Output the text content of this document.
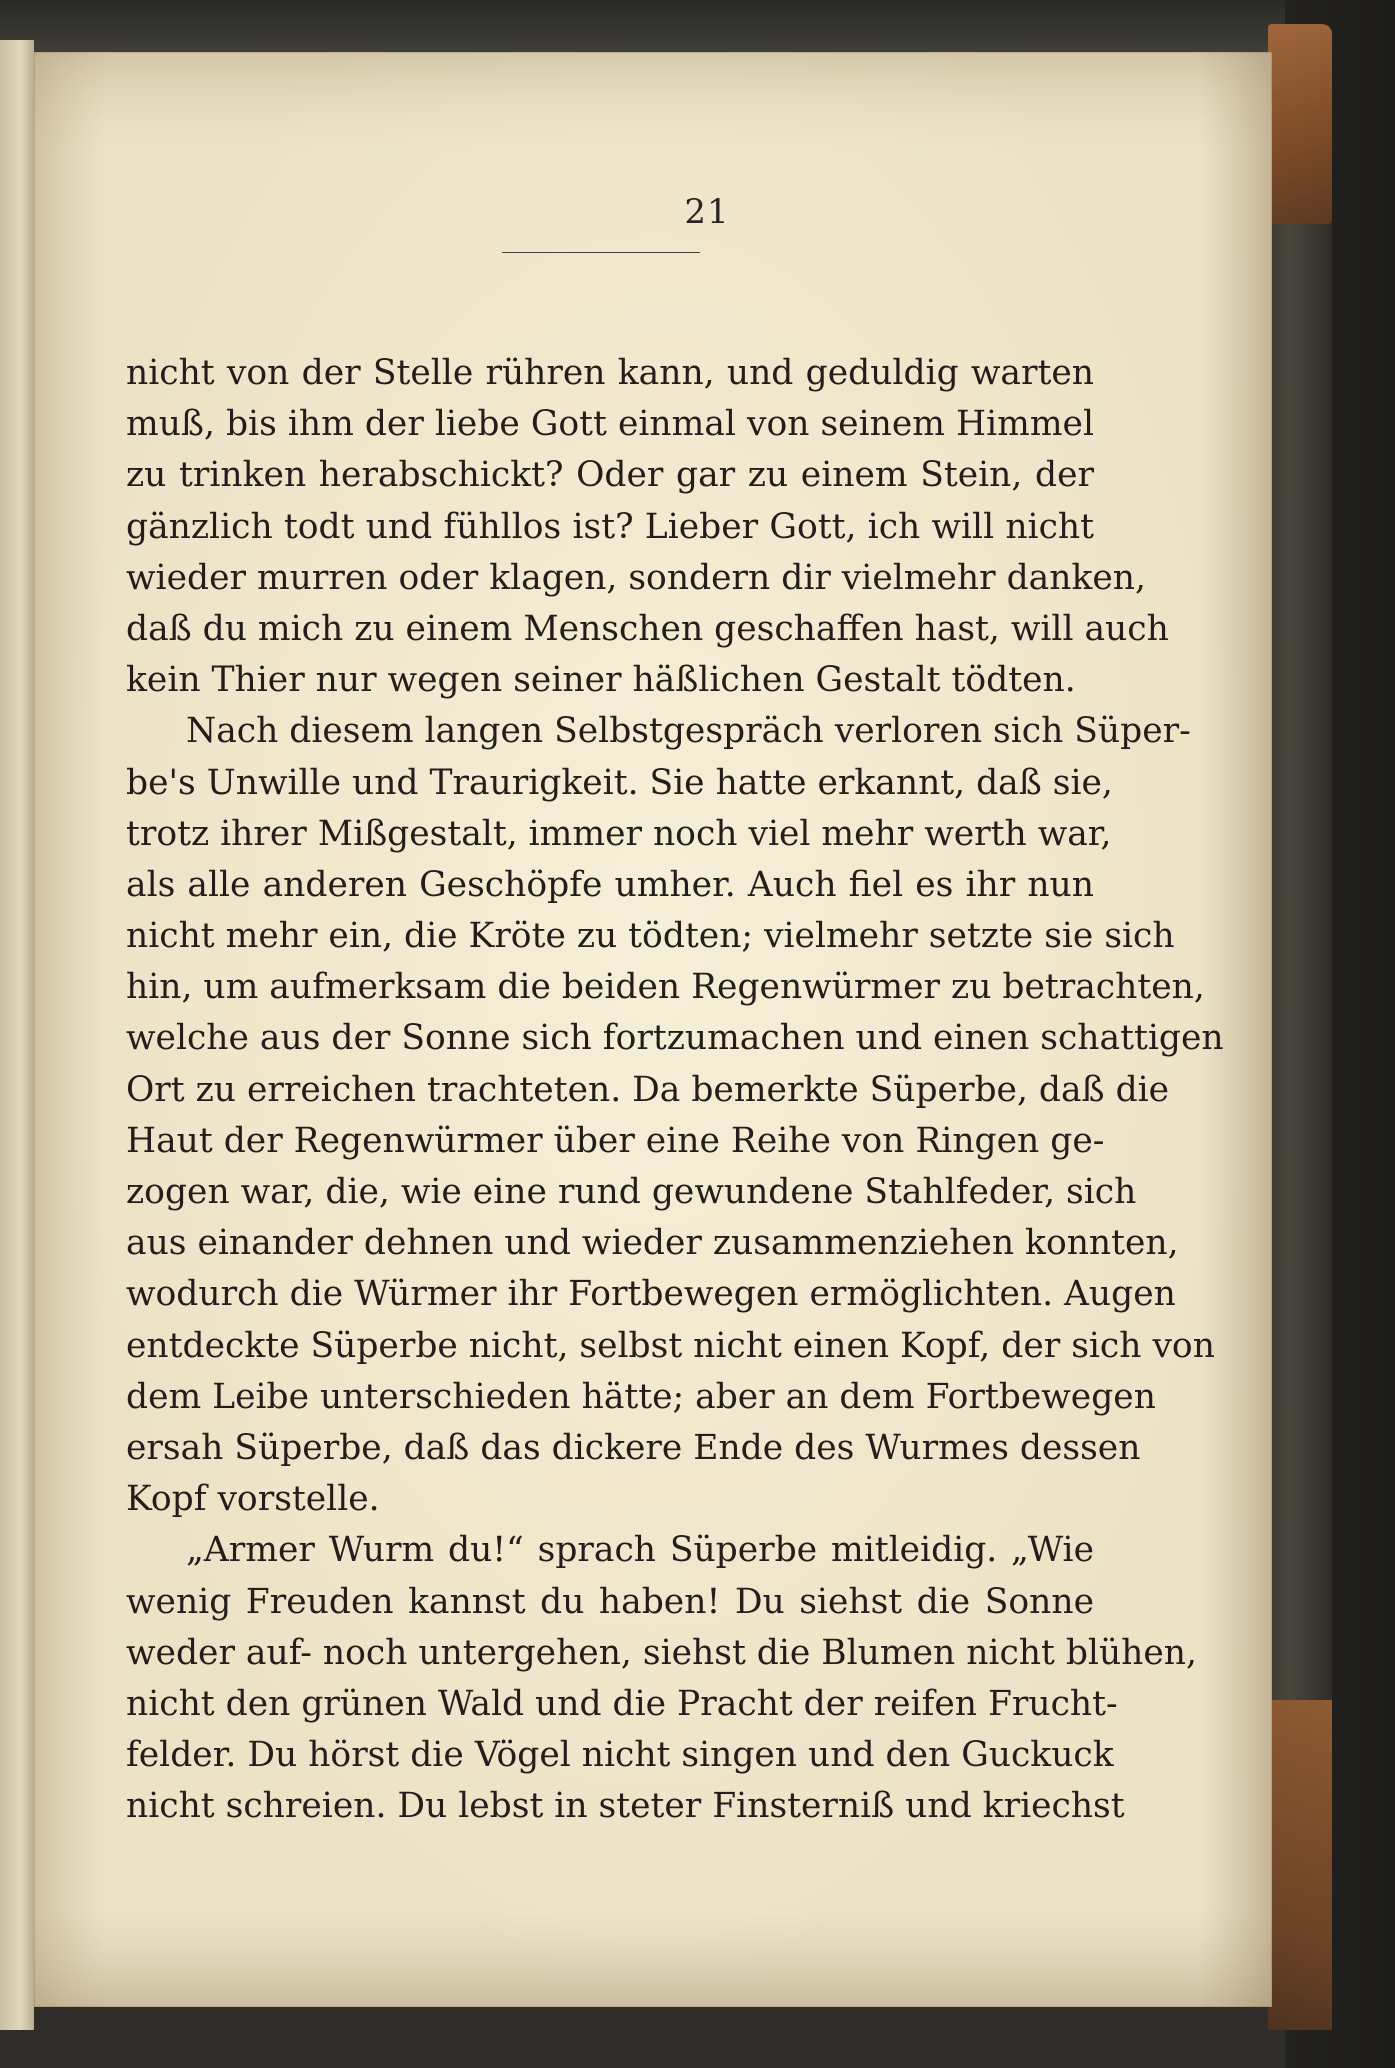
21
nicht von der Stelle rühren kann, und geduldig warten
muß, bis ihm der liebe Gott einmal von seinem Himmel
zu trinken herabschickt? Oder gar zu einem Stein, der
gänzlich todt und fühllos ist? Lieber Gott, ich will nicht
wieder murren oder klagen, sondern dir vielmehr danken,
daß du mich zu einem Menschen geschaffen hast, will auch
kein Thier nur wegen seiner häßlichen Gestalt tödten.
Nach diesem langen Selbstgespräch verloren sich Süper-
be's Unwille und Traurigkeit. Sie hatte erkannt, daß sie,
trotz ihrer Mißgestalt, immer noch viel mehr werth war,
als alle anderen Geschöpfe umher. Auch fiel es ihr nun
nicht mehr ein, die Kröte zu tödten; vielmehr setzte sie sich
hin, um aufmerksam die beiden Regenwürmer zu betrachten,
welche aus der Sonne sich fortzumachen und einen schattigen
Ort zu erreichen trachteten. Da bemerkte Süperbe, daß die
Haut der Regenwürmer über eine Reihe von Ringen ge-
zogen war, die, wie eine rund gewundene Stahlfeder, sich
aus einander dehnen und wieder zusammenziehen konnten,
wodurch die Würmer ihr Fortbewegen ermöglichten. Augen
entdeckte Süperbe nicht, selbst nicht einen Kopf, der sich von
dem Leibe unterschieden hätte; aber an dem Fortbewegen
ersah Süperbe, daß das dickere Ende des Wurmes dessen
Kopf vorstelle.
„Armer Wurm du!“ sprach Süperbe mitleidig. „Wie
wenig Freuden kannst du haben! Du siehst die Sonne
weder auf- noch untergehen, siehst die Blumen nicht blühen,
nicht den grünen Wald und die Pracht der reifen Frucht-
felder. Du hörst die Vögel nicht singen und den Guckuck
nicht schreien. Du lebst in steter Finsterniß und kriechst
